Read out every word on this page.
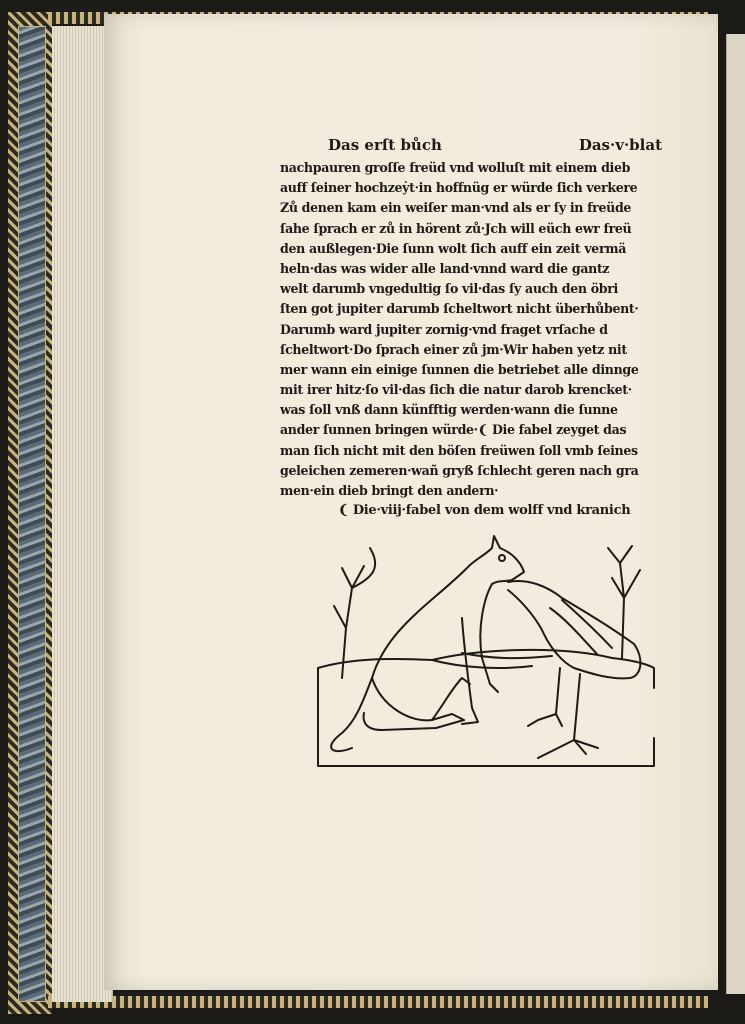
Das erſt bůch	Das·v·blat
nachpauren groſſe freüd vnd wolluſt mit einem dieb
auff ſeiner hochzeẏt·in hoffnüg er würde ſich verkere
Zů denen kam ein weiſer man·vnd als er ſy in freüde
ſahe ſprach er zů in hörent zů·Jch will eüch ewr freü
den außlegen·Die ſunn wolt ſich auff ein zeit vermä
heln·das was wider alle land·vnnd ward die gantz
welt darumb vngedultig ſo vil·das ſy auch den öbri
ſten got jupiter darumb ſcheltwort nicht überhůbent·
Darumb ward jupiter zornig·vnd fraget vrſache d
ſcheltwort·Do ſprach einer zů jm·Wir haben yetz nit
mer wann ein einige ſunnen die betriebet alle dinnge
mit irer hitz·ſo vil·das ſich die natur darob krencket·
was ſoll vnß dann künfftig werden·wann die ſunne
ander ſunnen bringen würde·❨ Die fabel zeyget das
man ſich nicht mit den böſen freüwen ſoll vmb ſeines
geleichen zemeren·wañ gryß ſchlecht geren nach gra
men·ein dieb bringt den andern·
❨ Die·viij·fabel von dem wolff vnd kranich
